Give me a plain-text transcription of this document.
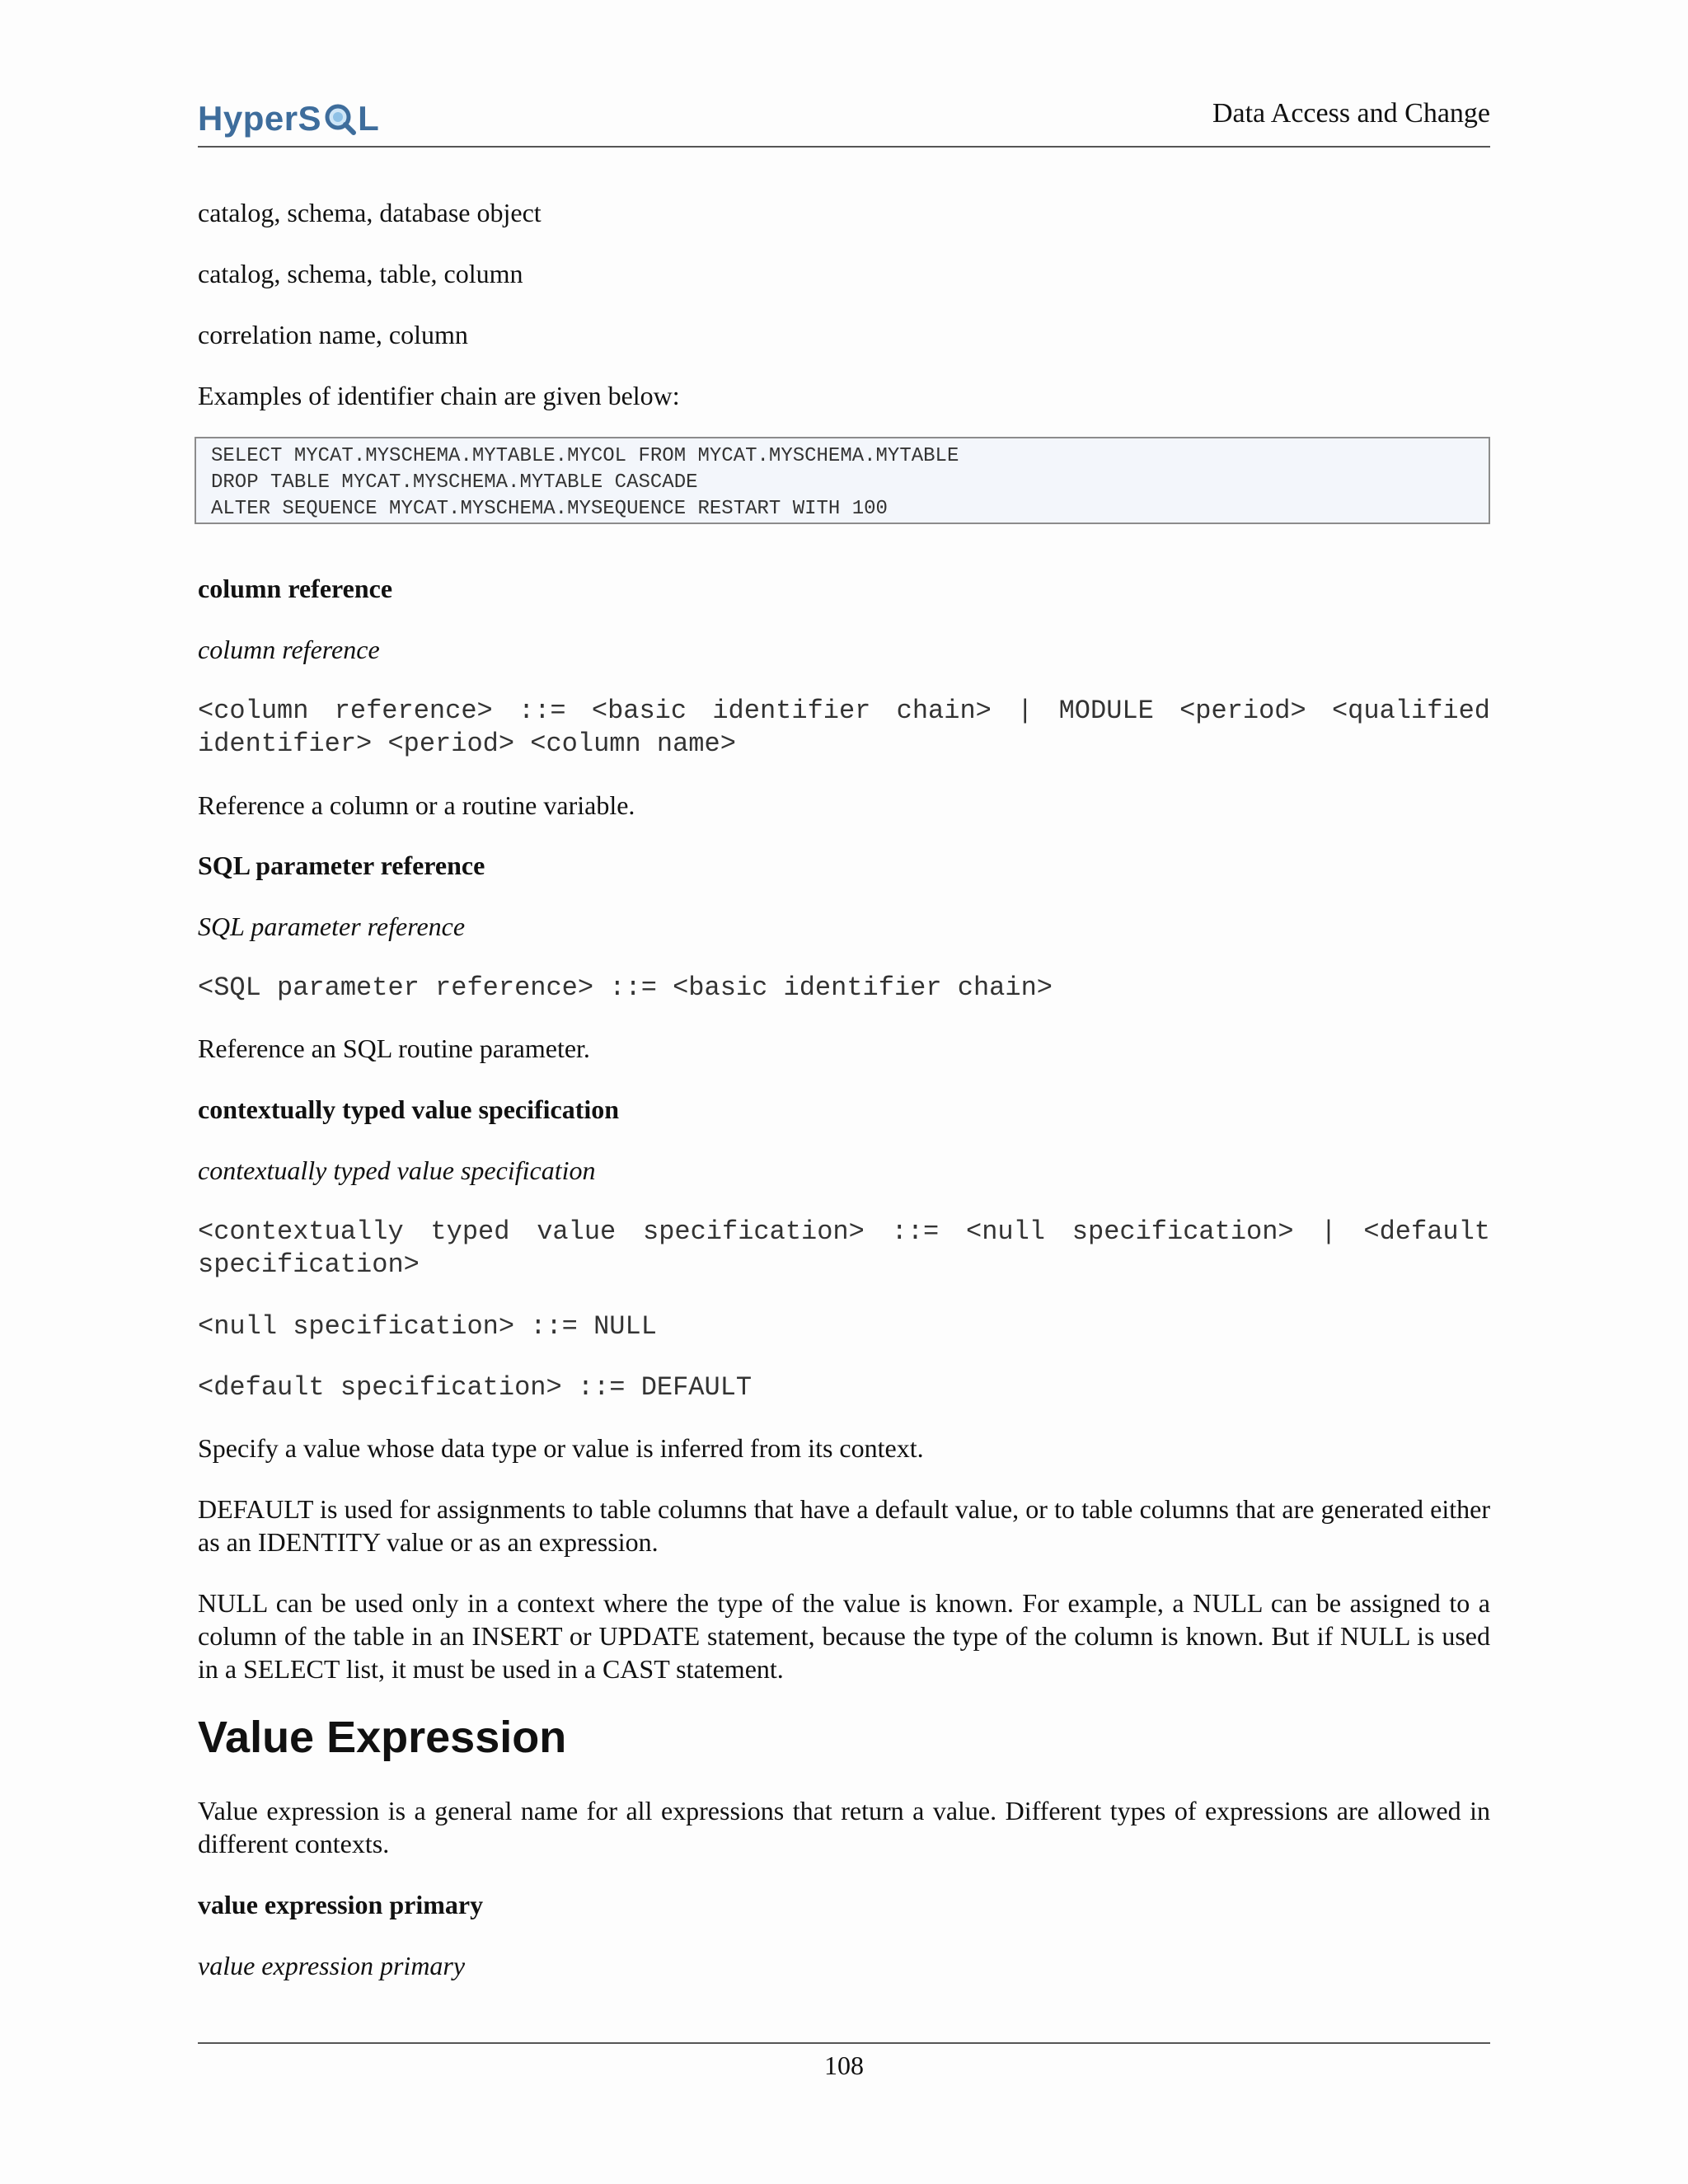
HyperS L	Data Access and Change
catalog, schema, database object
catalog, schema, table, column
correlation name, column
Examples of identifier chain are given below:
SELECT MYCAT.MYSCHEMA.MYTABLE.MYCOL FROM MYCAT.MYSCHEMA.MYTABLE
DROP TABLE MYCAT.MYSCHEMA.MYTABLE CASCADE
ALTER SEQUENCE MYCAT.MYSCHEMA.MYSEQUENCE RESTART WITH 100
column reference
column reference
<column reference> ::= <basic identifier chain> | MODULE <period> <qualified identifier> <period> <column name>
Reference a column or a routine variable.
SQL parameter reference
SQL parameter reference
<SQL parameter reference> ::= <basic identifier chain>
Reference an SQL routine parameter.
contextually typed value specification
contextually typed value specification
<contextually typed value specification> ::= <null specification> | <default specification>
<null specification> ::= NULL
<default specification> ::= DEFAULT
Specify a value whose data type or value is inferred from its context.
DEFAULT is used for assignments to table columns that have a default value, or to table columns that are generated either as an IDENTITY value or as an expression.
NULL can be used only in a context where the type of the value is known. For example, a NULL can be assigned to a column of the table in an INSERT or UPDATE statement, because the type of the column is known. But if NULL is used in a SELECT list, it must be used in a CAST statement.
Value Expression
Value expression is a general name for all expressions that return a value. Different types of expressions are allowed in different contexts.
value expression primary
value expression primary
108
